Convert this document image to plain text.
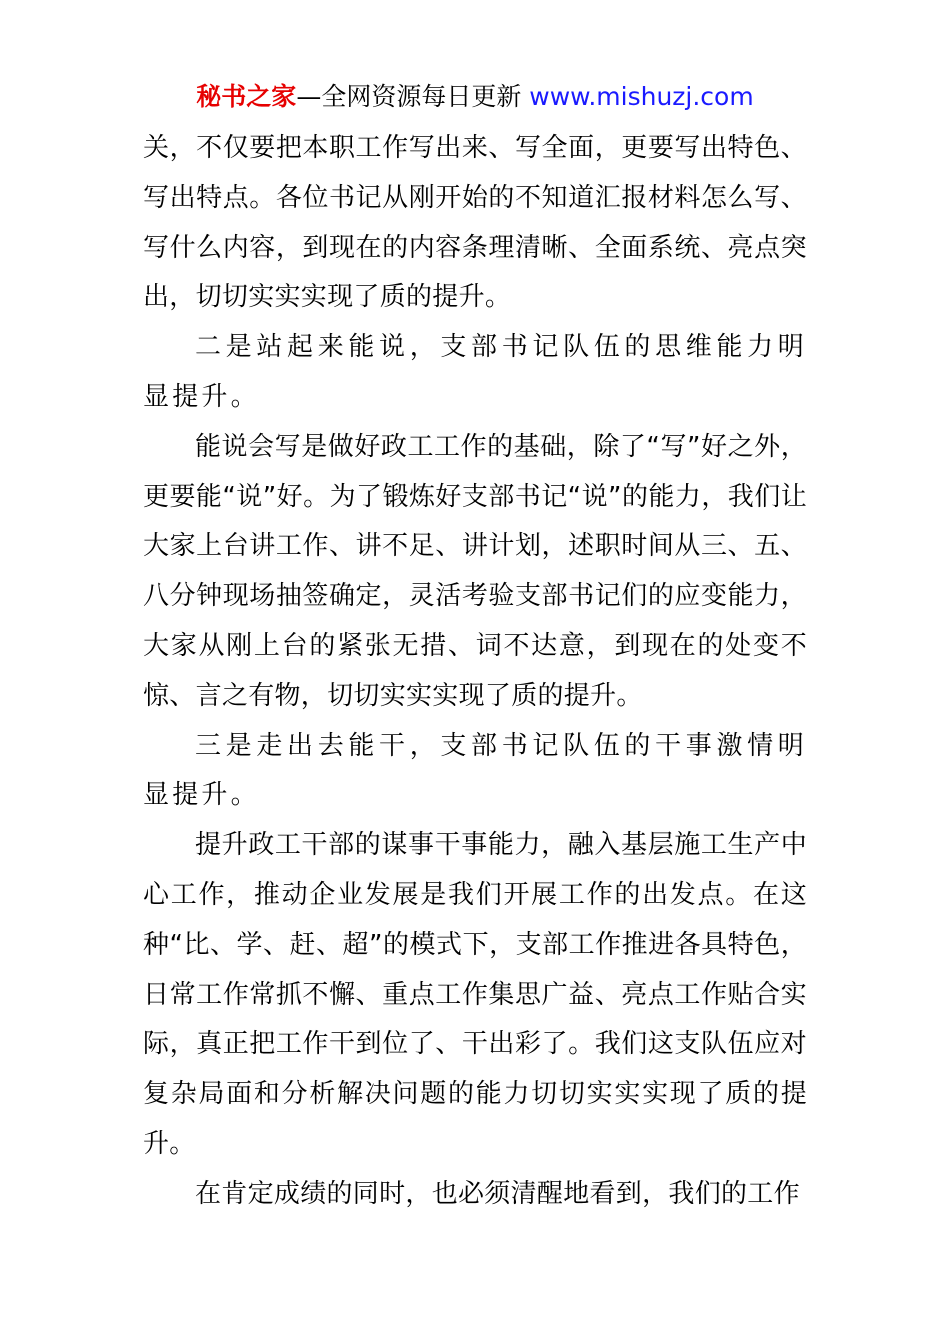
秘书之家—全网资源每日更新 www.mishuzj.com

关，不仅要把本职工作写出来、写全面，更要写出特色、写出特点。各位书记从刚开始的不知道汇报材料怎么写、写什么内容，到现在的内容条理清晰、全面系统、亮点突出，切切实实实现了质的提升。

二是站起来能说，支部书记队伍的思维能力明显提升。

能说会写是做好政工工作的基础，除了“写”好之外，更要能“说”好。为了锻炼好支部书记“说”的能力，我们让大家上台讲工作、讲不足、讲计划，述职时间从三、五、八分钟现场抽签确定，灵活考验支部书记们的应变能力，大家从刚上台的紧张无措、词不达意，到现在的处变不惊、言之有物，切切实实实现了质的提升。

三是走出去能干，支部书记队伍的干事激情明显提升。

提升政工干部的谋事干事能力，融入基层施工生产中心工作，推动企业发展是我们开展工作的出发点。在这种“比、学、赶、超”的模式下，支部工作推进各具特色，日常工作常抓不懈、重点工作集思广益、亮点工作贴合实际，真正把工作干到位了、干出彩了。我们这支队伍应对复杂局面和分析解决问题的能力切切实实实现了质的提升。

在肯定成绩的同时，也必须清醒地看到，我们的工作
